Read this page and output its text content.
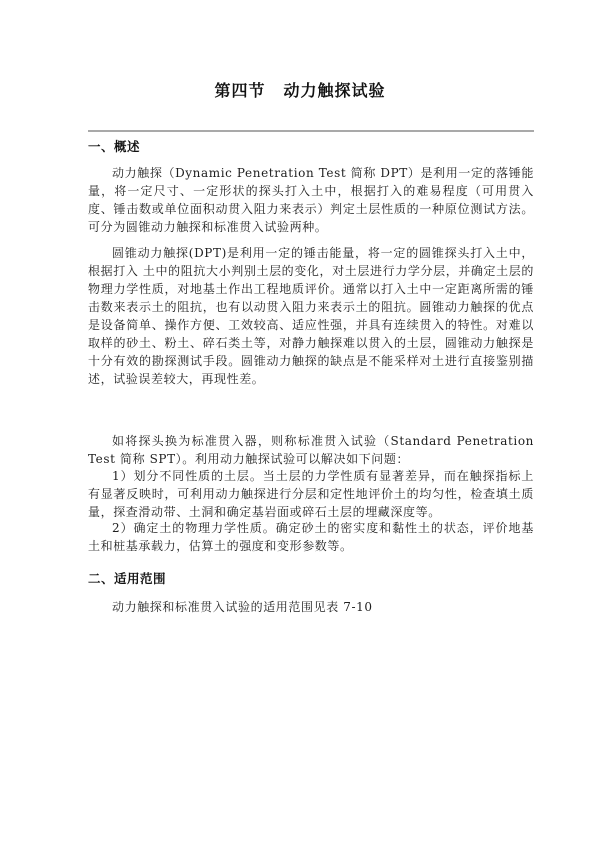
第四节 动力触探试验
一、概述

动力触探（Dynamic Penetration Test 简称 DPT）是利用一定的落锤能量，将一定尺寸、一定形状的探头打入土中，根据打入的难易程度（可用贯入度、锤击数或单位面积动贯入阻力来表示）判定土层性质的一种原位测试方法。可分为圆锥动力触探和标准贯入试验两种。

圆锥动力触探(DPT)是利用一定的锤击能量，将一定的圆锥探头打入土中，根据打入 土中的阻抗大小判别土层的变化，对土层进行力学分层，并确定土层的物理力学性质，对地基土作出工程地质评价。通常以打入土中一定距离所需的锤击数来表示土的阻抗，也有以动贯入阻力来表示土的阻抗。圆锥动力触探的优点是设备简单、操作方便、工效较高、适应性强，并具有连续贯入的特性。对难以取样的砂土、粉土、碎石类土等，对静力触探难以贯入的土层，圆锥动力触探是十分有效的勘探测试手段。圆锥动力触探的缺点是不能采样对土进行直接鉴别描述，试验误差较大，再现性差。

如将探头换为标准贯入器，则称标准贯入试验（Standard Penetration Test 简称 SPT）。利用动力触探试验可以解决如下问题：

1）划分不同性质的土层。当土层的力学性质有显著差异，而在触探指标上有显著反映时，可利用动力触探进行分层和定性地评价土的均匀性，检查填土质量，探查滑动带、土洞和确定基岩面或碎石土层的埋藏深度等。

2）确定土的物理力学性质。确定砂土的密实度和黏性土的状态，评价地基土和桩基承载力，估算土的强度和变形参数等。

二、适用范围

动力触探和标准贯入试验的适用范围见表 7-10
